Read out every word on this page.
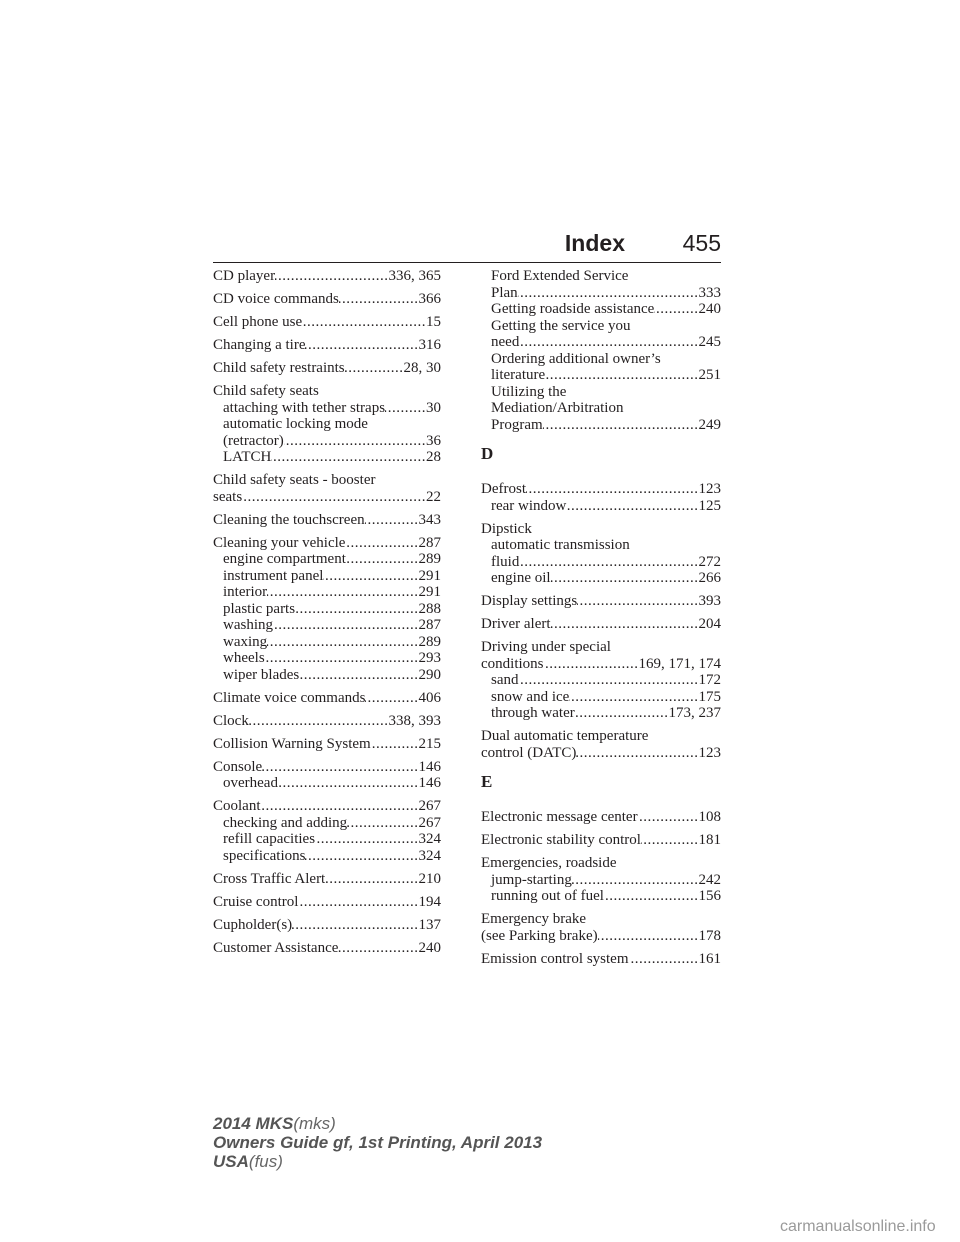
Index	455
CD player .....	336, 365
CD voice commands .....	366
Cell phone use .....	15
Changing a tire .....	316
Child safety restraints .....	28, 30
Child safety seats
attaching with tether straps .....	30
automatic locking mode
(retractor) .....	36
LATCH .....	28
Child safety seats - booster
seats .....	22
Cleaning the touchscreen .....	343
Cleaning your vehicle .....	287
engine compartment .....	289
instrument panel .....	291
interior .....	291
plastic parts .....	288
washing .....	287
waxing .....	289
wheels .....	293
wiper blades .....	290
Climate voice commands .....	406
Clock .....	338, 393
Collision Warning System .....	215
Console .....	146
overhead .....	146
Coolant .....	267
checking and adding .....	267
refill capacities .....	324
specifications .....	324
Cross Traffic Alert .....	210
Cruise control .....	194
Cupholder(s) .....	137
Customer Assistance .....	240
Ford Extended Service
Plan .....	333
Getting roadside assistance .....	240
Getting the service you
need .....	245
Ordering additional owner’s
literature .....	251
Utilizing the
Mediation/Arbitration
Program .....	249
D
Defrost .....	123
rear window .....	125
Dipstick
automatic transmission
fluid .....	272
engine oil .....	266
Display settings .....	393
Driver alert .....	204
Driving under special
conditions .....	169, 171, 174
sand .....	172
snow and ice .....	175
through water .....	173, 237
Dual automatic temperature
control (DATC) .....	123
E
Electronic message center .....	108
Electronic stability control .....	181
Emergencies, roadside
jump-starting .....	242
running out of fuel .....	156
Emergency brake
(see Parking brake) .....	178
Emission control system .....	161
2014 MKS(mks)
Owners Guide gf, 1st Printing, April 2013
USA(fus)
carmanualsonline.info
